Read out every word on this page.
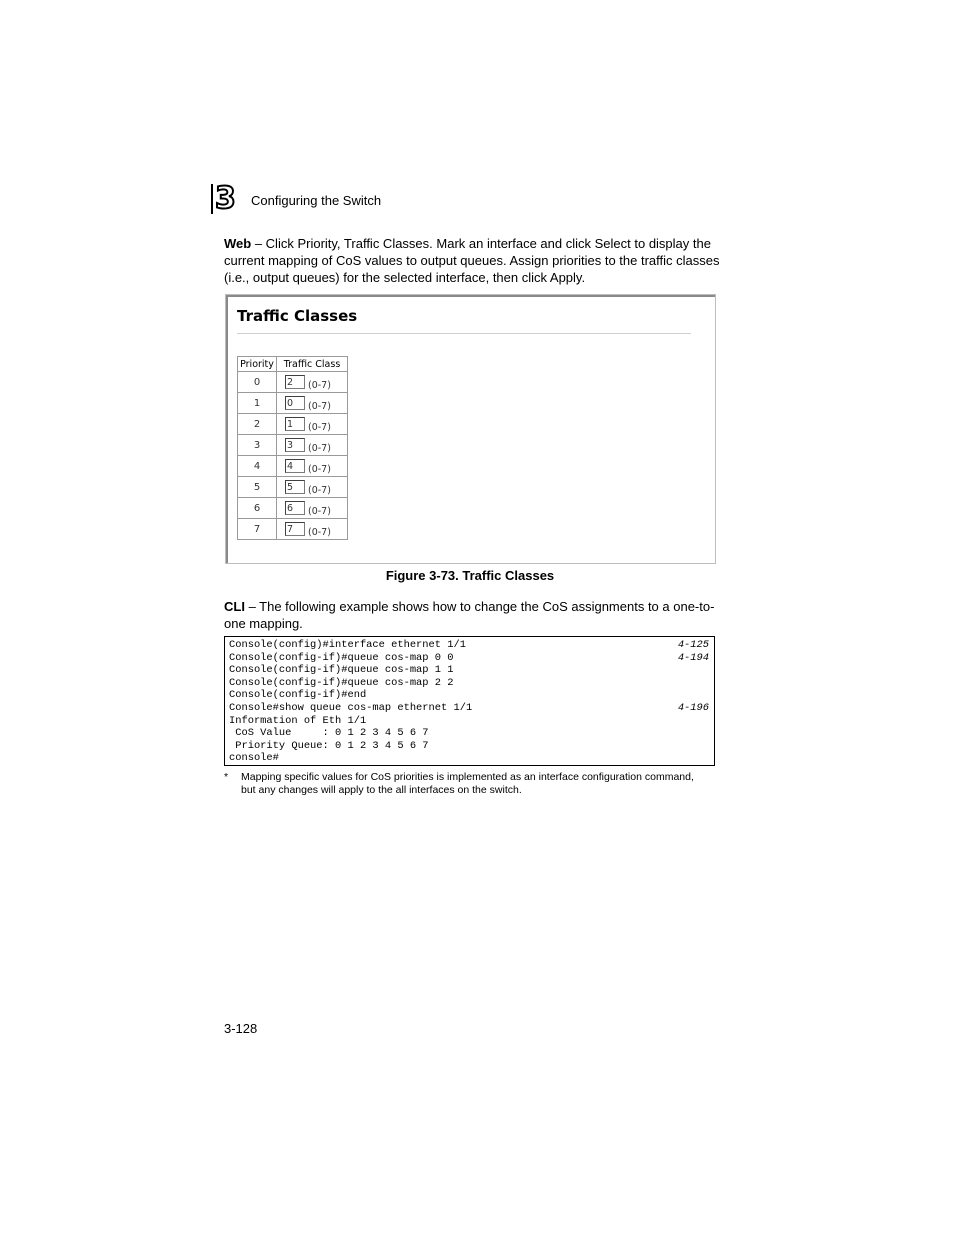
3 Configuring the Switch
Web – Click Priority, Traffic Classes. Mark an interface and click Select to display the current mapping of CoS values to output queues. Assign priorities to the traffic classes (i.e., output queues) for the selected interface, then click Apply.
Traffic Classes
Priority	Traffic Class
0	2 (0-7)
1	0 (0-7)
2	1 (0-7)
3	3 (0-7)
4	4 (0-7)
5	5 (0-7)
6	6 (0-7)
7	7 (0-7)
Figure 3-73. Traffic Classes
CLI – The following example shows how to change the CoS assignments to a one-to-one mapping.
Console(config)#interface ethernet 1/1	4-125
Console(config-if)#queue cos-map 0 0	4-194
Console(config-if)#queue cos-map 1 1
Console(config-if)#queue cos-map 2 2
Console(config-if)#end
Console#show queue cos-map ethernet 1/1	4-196
Information of Eth 1/1
CoS Value     : 0 1 2 3 4 5 6 7
Priority Queue: 0 1 2 3 4 5 6 7
console#
* Mapping specific values for CoS priorities is implemented as an interface configuration command, but any changes will apply to the all interfaces on the switch.
3-128
